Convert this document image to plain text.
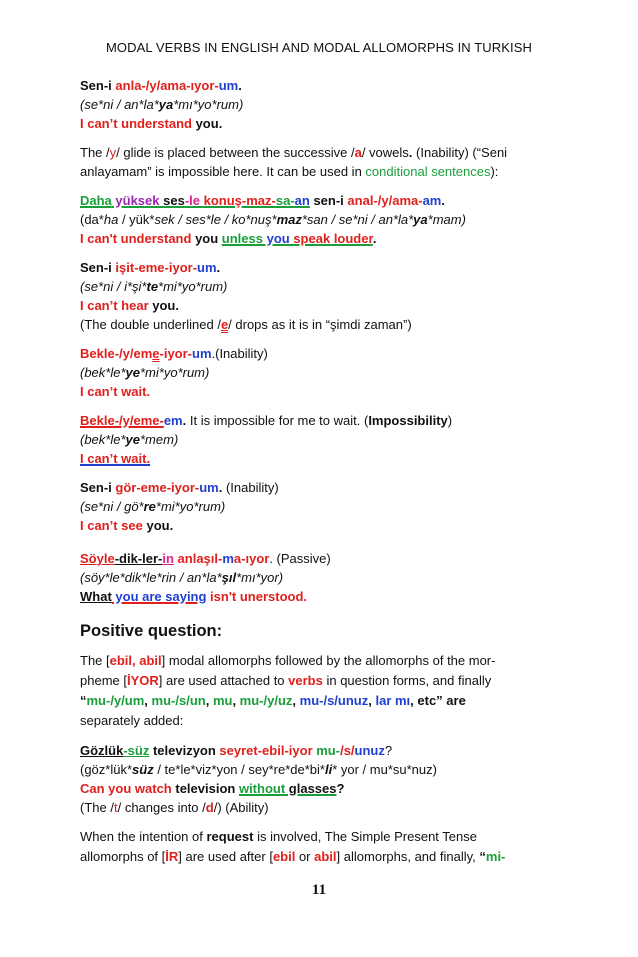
MODAL VERBS IN ENGLISH AND MODAL ALLOMORPHS IN TURKISH
Sen-i anla-/y/ama-ıyor-um.
(se*ni / an*la*ya*mı*yo*rum)
I can’t understand you.
The /y/ glide is placed between the successive /a/ vowels. (Inability) (“Seni
anlayamam” is impossible here. It can be used in conditional sentences):
Daha yüksek ses-le konuş-maz-sa-an sen-i anal-/y/ama-am.
(da*ha / yük*sek / ses*le / ko*nuş*maz*san / se*ni / an*la*ya*mam)
I can't understand you unless you speak louder.
Sen-i işit-eme-iyor-um.
(se*ni / i*şi*te*mi*yo*rum)
I can’t hear you.
(The double underlined /e/ drops as it is in “şimdi zaman”)
Bekle-/y/eme-iyor-um.(Inability)
(bek*le*ye*mi*yo*rum)
I can’t wait.
Bekle-/y/eme-em. It is impossible for me to wait. (Impossibility)
(bek*le*ye*mem)
I can’t wait.
Sen-i gör-eme-iyor-um. (Inability)
(se*ni / gö*re*mi*yo*rum)
I can’t see you.
Söyle-dik-ler-in anlaşıl-ma-ıyor. (Passive)
(söy*le*dik*le*rin / an*la*şıl*mı*yor)
What you are saying isn't unerstood.
Positive question:
The [ebil, abil] modal allomorphs followed by the allomorphs of the mor-
pheme [İYOR] are used attached to verbs in question forms, and finally
“mu-/y/um, mu-/s/un, mu, mu-/y/uz, mu-/s/unuz, lar mı, etc” are
separately added:
Gözlük-süz televizyon seyret-ebil-iyor mu-/s/unuz?
(göz*lük*süz / te*le*viz*yon / sey*re*de*bi*li* yor / mu*su*nuz)
Can you watch television without glasses?
(The /t/ changes into /d/) (Ability)
When the intention of request is involved, The Simple Present Tense
allomorphs of [İR] are used after [ebil or abil] allomorphs, and finally, “mi-
11
